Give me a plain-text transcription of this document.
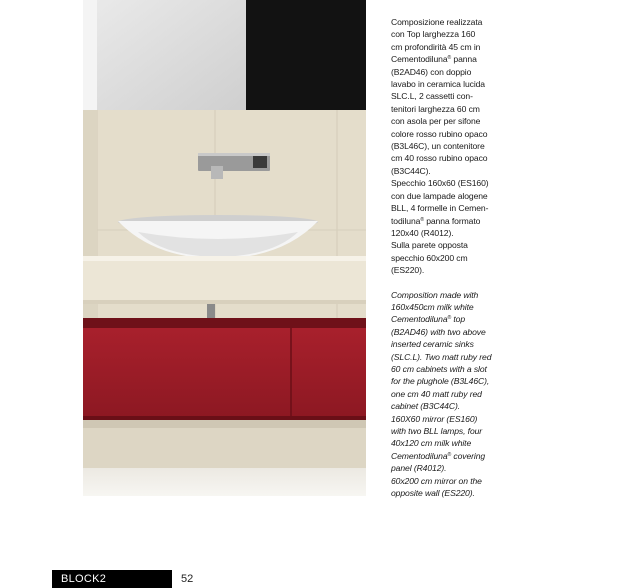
Composizione realizzata
con Top larghezza 160
cm profondirità 45 cm in
Cementodiluna® panna
(B2AD46) con doppio
lavabo in ceramica lucida
SLC.L, 2 cassetti con-
tenitori larghezza 60 cm
con asola per per sifone
colore rosso rubino opaco
(B3L46C), un contenitore
cm 40 rosso rubino opaco
(B3C44C).
Specchio 160x60 (ES160)
con due lampade alogene
BLL, 4 formelle in Cemen-
todiluna® panna formato
120x40 (R4012).
Sulla parete opposta
specchio 60x200 cm
(ES220).

Composition made with
160x450cm milk white
Cementodiluna® top
(B2AD46) with two above
inserted ceramic sinks
(SLC.L). Two matt ruby red
60 cm cabinets with a slot
for the plughole (B3L46C),
one cm 40 matt ruby red
cabinet (B3C44C).
160X60 mirror (ES160)
with two BLL lamps, four
40x120 cm milk white
Cementodiluna® covering
panel (R4012).
60x200 cm mirror on the
opposite wall (ES220).

BLOCK2	52
